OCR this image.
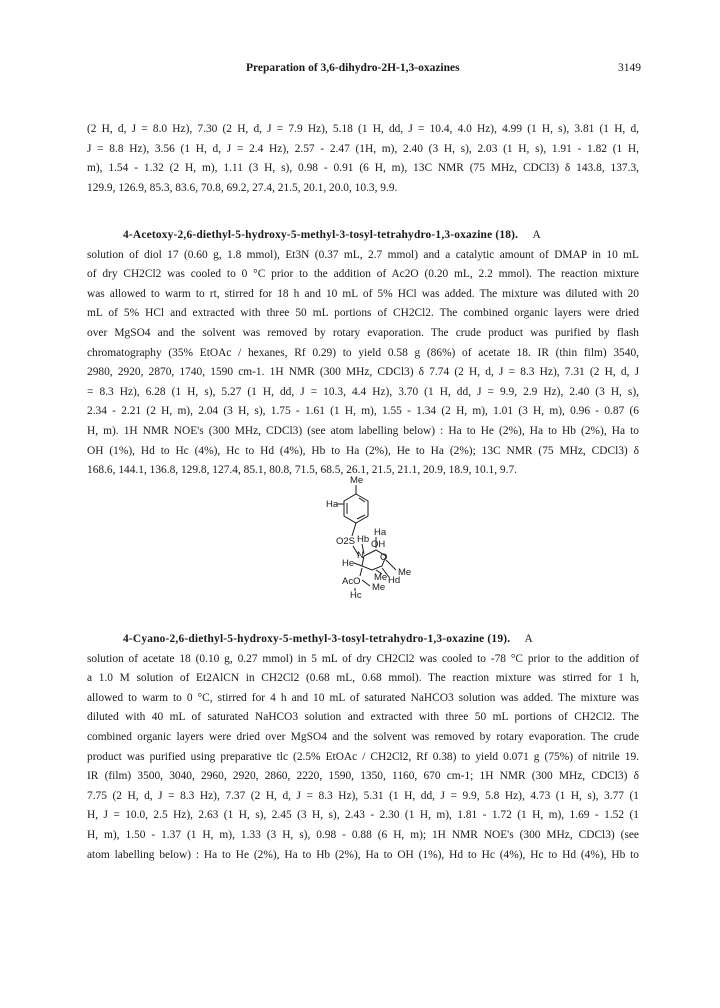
Preparation of 3,6-dihydro-2H-1,3-oxazines	3149
(2 H, d, J = 8.0 Hz), 7.30 (2 H, d, J = 7.9 Hz), 5.18 (1 H, dd, J = 10.4, 4.0 Hz), 4.99 (1 H, s), 3.81 (1 H, d,
J = 8.8 Hz), 3.56 (1 H, d, J = 2.4 Hz), 2.57 - 2.47 (1H, m), 2.40 (3 H, s), 2.03 (1 H, s), 1.91 - 1.82 (1 H,
m), 1.54 - 1.32 (2 H, m), 1.11 (3 H, s), 0.98 - 0.91 (6 H, m), 13C NMR (75 MHz, CDCl3) δ 143.8, 137.3,
129.9, 126.9, 85.3, 83.6, 70.8, 69.2, 27.4, 21.5, 20.1, 20.0, 10.3, 9.9.
4-Acetoxy-2,6-diethyl-5-hydroxy-5-methyl-3-tosyl-tetrahydro-1,3-oxazine (18). A
solution of diol 17 (0.60 g, 1.8 mmol), Et3N (0.37 mL, 2.7 mmol) and a catalytic amount of DMAP in 10 mL
of dry CH2Cl2 was cooled to 0 °C prior to the addition of Ac2O (0.20 mL, 2.2 mmol). The reaction mixture
was allowed to warm to rt, stirred for 18 h and 10 mL of 5% HCl was added. The mixture was diluted with 20
mL of 5% HCl and extracted with three 50 mL portions of CH2Cl2. The combined organic layers were dried
over MgSO4 and the solvent was removed by rotary evaporation. The crude product was purified by flash
chromatography (35% EtOAc / hexanes, Rf 0.29) to yield 0.58 g (86%) of acetate 18. IR (thin film) 3540,
2980, 2920, 2870, 1740, 1590 cm-1. 1H NMR (300 MHz, CDCl3) δ 7.74 (2 H, d, J = 8.3 Hz), 7.31 (2 H, d, J
= 8.3 Hz), 6.28 (1 H, s), 5.27 (1 H, dd, J = 10.3, 4.4 Hz), 3.70 (1 H, dd, J = 9.9, 2.9 Hz), 2.40 (3 H, s),
2.34 - 2.21 (2 H, m), 2.04 (3 H, s), 1.75 - 1.61 (1 H, m), 1.55 - 1.34 (2 H, m), 1.01 (3 H, m), 0.96 - 0.87 (6
H, m). 1H NMR NOE's (300 MHz, CDCl3) (see atom labelling below) : Ha to He (2%), Ha to Hb (2%), Ha to
OH (1%), Hd to Hc (4%), Hc to Hd (4%), Hb to Ha (2%), He to Ha (2%); 13C NMR (75 MHz, CDCl3) δ
168.6, 144.1, 136.8, 129.8, 127.4, 85.1, 80.8, 71.5, 68.5, 26.1, 21.5, 21.1, 20.9, 18.9, 10.1, 9.7.
Me
Ha
O2S
Ha
Hb OH
N O
Me
He
Me Hd
AcO
Me
Hc
4-Cyano-2,6-diethyl-5-hydroxy-5-methyl-3-tosyl-tetrahydro-1,3-oxazine (19). A
solution of acetate 18 (0.10 g, 0.27 mmol) in 5 mL of dry CH2Cl2 was cooled to -78 °C prior to the addition of
a 1.0 M solution of Et2AlCN in CH2Cl2 (0.68 mL, 0.68 mmol). The reaction mixture was stirred for 1 h,
allowed to warm to 0 °C, stirred for 4 h and 10 mL of saturated NaHCO3 solution was added. The mixture was
diluted with 40 mL of saturated NaHCO3 solution and extracted with three 50 mL portions of CH2Cl2. The
combined organic layers were dried over MgSO4 and the solvent was removed by rotary evaporation. The crude
product was purified using preparative tlc (2.5% EtOAc / CH2Cl2, Rf 0.38) to yield 0.071 g (75%) of nitrile 19.
IR (film) 3500, 3040, 2960, 2920, 2860, 2220, 1590, 1350, 1160, 670 cm-1; 1H NMR (300 MHz, CDCl3) δ
7.75 (2 H, d, J = 8.3 Hz), 7.37 (2 H, d, J = 8.3 Hz), 5.31 (1 H, dd, J = 9.9, 5.8 Hz), 4.73 (1 H, s), 3.77 (1
H, J = 10.0, 2.5 Hz), 2.63 (1 H, s), 2.45 (3 H, s), 2.43 - 2.30 (1 H, m), 1.81 - 1.72 (1 H, m), 1.69 - 1.52 (1
H, m), 1.50 - 1.37 (1 H, m), 1.33 (3 H, s), 0.98 - 0.88 (6 H, m); 1H NMR NOE's (300 MHz, CDCl3) (see
atom labelling below) : Ha to He (2%), Ha to Hb (2%), Ha to OH (1%), Hd to Hc (4%), Hc to Hd (4%), Hb to
